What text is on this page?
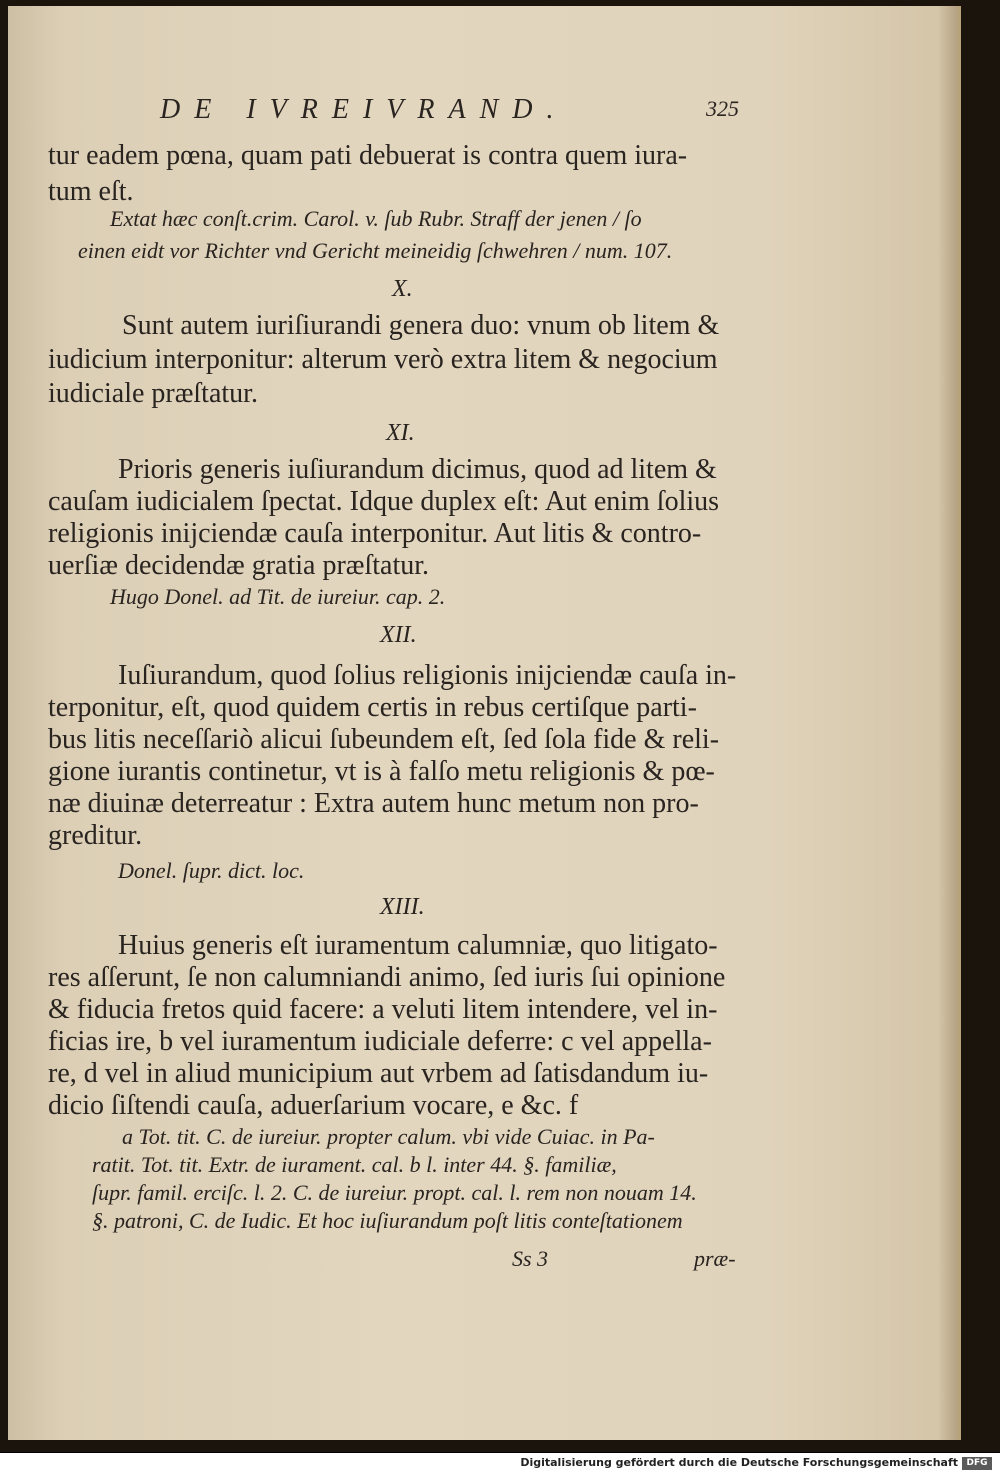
DE IVREIVRAND.	325
tur eadem pœna, quam pati debuerat is contra quem iura-
tum eſt.
Extat hæc conſt.crim. Carol. v. ſub Rubr. Straff der jenen / ſo
einen eidt vor Richter vnd Gericht meineidig ſchwehren / num. 107.
X.
Sunt autem iuriſiurandi genera duo: vnum ob litem &
iudicium interponitur: alterum verò extra litem & negocium
iudiciale præſtatur.
XI.
Prioris generis iuſiurandum dicimus, quod ad litem &
cauſam iudicialem ſpectat. Idque duplex eſt: Aut enim ſolius
religionis inijciendæ cauſa interponitur. Aut litis & contro-
uerſiæ decidendæ gratia præſtatur.
Hugo Donel. ad Tit. de iureiur. cap. 2.
XII.
Iuſiurandum, quod ſolius religionis inijciendæ cauſa in-
terponitur, eſt, quod quidem certis in rebus certiſque parti-
bus litis neceſſariò alicui ſubeundem eſt, ſed ſola fide & reli-
gione iurantis continetur, vt is à falſo metu religionis & pœ-
næ diuinæ deterreatur : Extra autem hunc metum non pro-
greditur.
Donel. ſupr. dict. loc.
XIII.
Huius generis eſt iuramentum calumniæ, quo litigato-
res aſſerunt, ſe non calumniandi animo, ſed iuris ſui opinione
& fiducia fretos quid facere: a veluti litem intendere, vel in-
ficias ire, b vel iuramentum iudiciale deferre: c vel appella-
re, d vel in aliud municipium aut vrbem ad ſatisdandum iu-
dicio ſiſtendi cauſa, aduerſarium vocare, e &c. f
a Tot. tit. C. de iureiur. propter calum. vbi vide Cuiac. in Pa-
ratit. Tot. tit. Extr. de iurament. cal. b l. inter 44. §. familiæ,
ſupr. famil. erciſc. l. 2. C. de iureiur. propt. cal. l. rem non nouam 14.
§. patroni, C. de Iudic. Et hoc iuſiurandum poſt litis conteſtationem
Ss 3	præ-
Digitalisierung gefördert durch die Deutsche Forschungsgemeinschaft DFG
